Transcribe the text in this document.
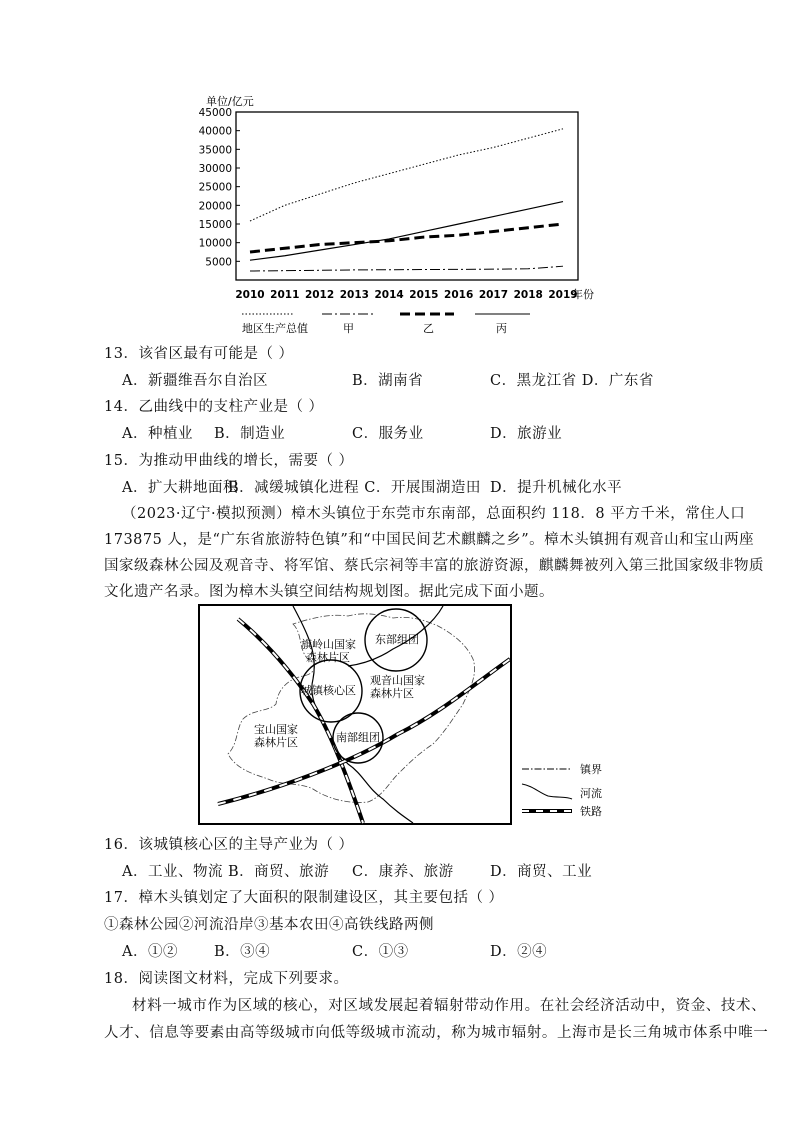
单位/亿元
5000
10000
15000
20000
25000
30000
35000
40000
45000
2010 2011 2012 2013 2014 2015 2016 2017 2018 2019
年份
地区生产总值	甲	乙	丙
13．该省区最有可能是（ ）
A．新疆维吾尔自治区	B．湖南省	C．黑龙江省 D．广东省
14．乙曲线中的支柱产业是（ ）
A．种植业 B．制造业	C．服务业	D．旅游业
15．为推动甲曲线的增长，需要（ ）
A．扩大耕地面积
B．减缓城镇化进程 C．开展围湖造田 D．提升机械化水平
（2023·辽宁·模拟预测）樟木头镇位于东莞市东南部，总面积约 118．8 平方千米，常住人口
173875 人，是“广东省旅游特色镇”和“中国民间艺术麒麟之乡”。樟木头镇拥有观音山和宝山两座
国家级森林公园及观音寺、将军馆、蔡氏宗祠等丰富的旅游资源，麒麟舞被列入第三批国家级非物质
文化遗产名录。图为樟木头镇空间结构规划图。据此完成下面小题。
东部组团
旗岭山国家
森林片区
城镇核心区
观音山国家
森林片区
宝山国家
森林片区	南部组团
镇界
河流
铁路
16．该城镇核心区的主导产业为（ ）
A．工业、物流 B．商贸、旅游 C．康养、旅游	D．商贸、工业
17．樟木头镇划定了大面积的限制建设区，其主要包括（ ）
①森林公园②河流沿岸③基本农田④高铁线路两侧
A．①② B．③④	C．①③	D．②④
18．阅读图文材料，完成下列要求。
材料一城市作为区域的核心，对区域发展起着辐射带动作用。在社会经济活动中，资金、技术、
人才、信息等要素由高等级城市向低等级城市流动，称为城市辐射。上海市是长三角城市体系中唯一
